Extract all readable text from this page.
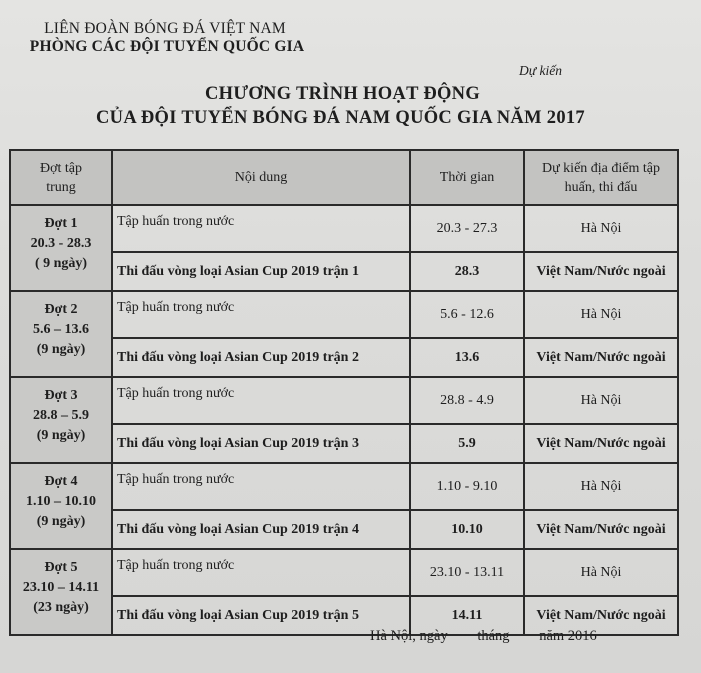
LIÊN ĐOÀN BÓNG ĐÁ VIỆT NAM
PHÒNG CÁC ĐỘI TUYỂN QUỐC GIA
Dự kiến
CHƯƠNG TRÌNH HOẠT ĐỘNG
CỦA ĐỘI TUYỂN BÓNG ĐÁ NAM QUỐC GIA NĂM 2017
Đợt tập trung	Nội dung	Thời gian	Dự kiến địa điểm tập huấn, thi đấu

Đợt 1
20.3 - 28.3
( 9 ngày)	Tập huấn trong nước	20.3 - 27.3	Hà Nội
	Thi đấu vòng loại Asian Cup 2019 trận 1	28.3	Việt Nam/Nước ngoài

Đợt 2
5.6 – 13.6
(9 ngày)	Tập huấn trong nước	5.6 - 12.6	Hà Nội
	Thi đấu vòng loại Asian Cup 2019 trận 2	13.6	Việt Nam/Nước ngoài

Đợt 3
28.8 – 5.9
(9 ngày)	Tập huấn trong nước	28.8 - 4.9	Hà Nội
	Thi đấu vòng loại Asian Cup 2019 trận 3	5.9	Việt Nam/Nước ngoài

Đợt 4
1.10 – 10.10
(9 ngày)	Tập huấn trong nước	1.10 - 9.10	Hà Nội
	Thi đấu vòng loại Asian Cup 2019 trận 4	10.10	Việt Nam/Nước ngoài

Đợt 5
23.10 – 14.11
(23 ngày)	Tập huấn trong nước	23.10 - 13.11	Hà Nội
	Thi đấu vòng loại Asian Cup 2019 trận 5	14.11	Việt Nam/Nước ngoài
Hà Nội, ngày tháng năm 2016
